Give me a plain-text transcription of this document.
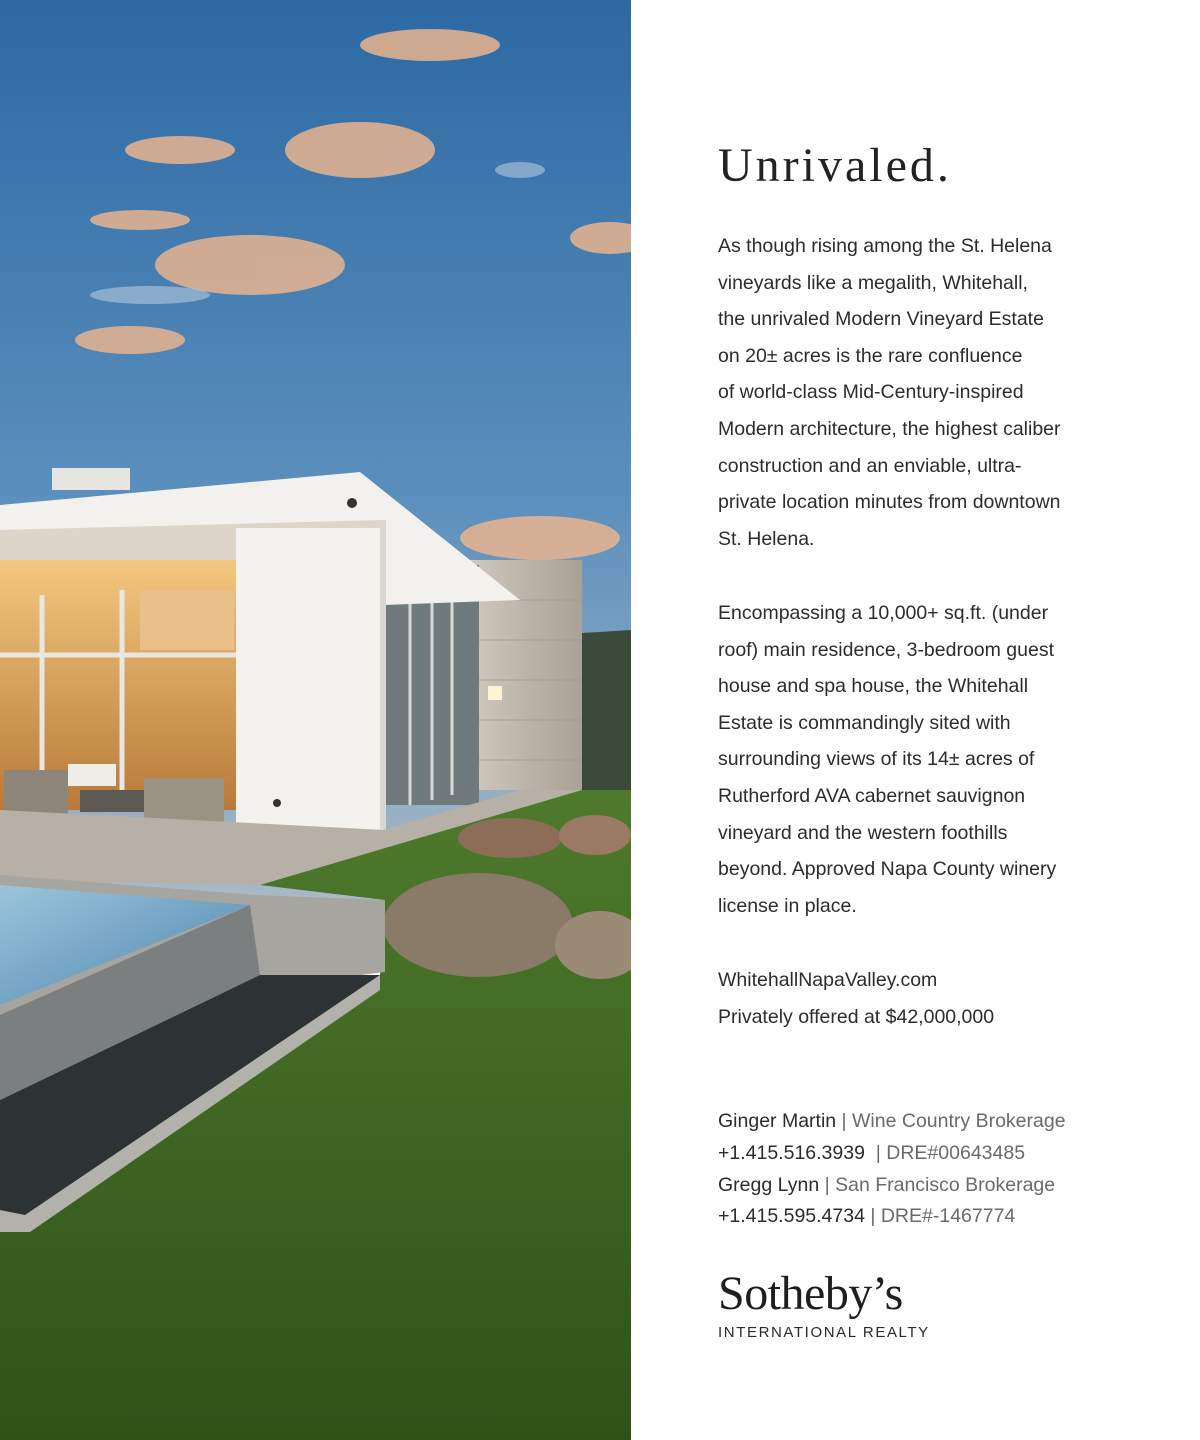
Unrivaled.

As though rising among the St. Helena
vineyards like a megalith, Whitehall,
the unrivaled Modern Vineyard Estate
on 20± acres is the rare confluence
of world-class Mid-Century-inspired
Modern architecture, the highest caliber
construction and an enviable, ultra-
private location minutes from downtown
St. Helena.

Encompassing a 10,000+ sq.ft. (under
roof) main residence, 3-bedroom guest
house and spa house, the Whitehall
Estate is commandingly sited with
surrounding views of its 14± acres of
Rutherford AVA cabernet sauvignon
vineyard and the western foothills
beyond. Approved Napa County winery
license in place.

WhitehallNapaValley.com
Privately offered at $42,000,000

Ginger Martin | Wine Country Brokerage
+1.415.516.3939  | DRE#00643485
Gregg Lynn | San Francisco Brokerage
+1.415.595.4734 | DRE#-1467774
Sotheby’s
INTERNATIONAL REALTY
